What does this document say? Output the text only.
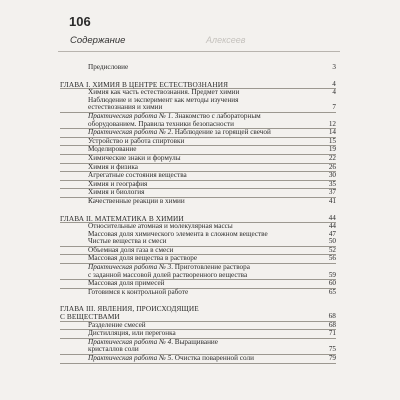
106
Содержание	Алексеев
Предисловие	3
ГЛАВА I. ХИМИЯ В ЦЕНТРЕ ЕСТЕСТВОЗНАНИЯ	4
Химия как часть естествознания. Предмет химии	4
Наблюдение и эксперимент как методы изучения
естествознания и химии	7
Практическая работа № 1. Знакомство с лабораторным
оборудованием. Правила техники безопасности	12
Практическая работа № 2. Наблюдение за горящей свечой	14
Устройство и работа спиртовки	15
Моделирование	19
Химические знаки и формулы	22
Химия и физика	26
Агрегатные состояния вещества	30
Химия и география	35
Химия и биология	37
Качественные реакции в химии	41
ГЛАВА II. МАТЕМАТИКА В ХИМИИ	44
Относительные атомная и молекулярная массы	44
Массовая доля химического элемента в сложном веществе	47
Чистые вещества и смеси	50
Объемная доля газа в смеси	52
Массовая доля вещества в растворе	56
Практическая работа № 3. Приготовление раствора
с заданной массовой долей растворенного вещества	59
Массовая доля примесей	60
Готовимся к контрольной работе	65
ГЛАВА III. ЯВЛЕНИЯ, ПРОИСХОДЯЩИЕ
С ВЕЩЕСТВАМИ	68
Разделение смесей	68
Дистилляция, или перегонка	71
Практическая работа № 4. Выращивание
кристаллов соли	75
Практическая работа № 5. Очистка поваренной соли	79
